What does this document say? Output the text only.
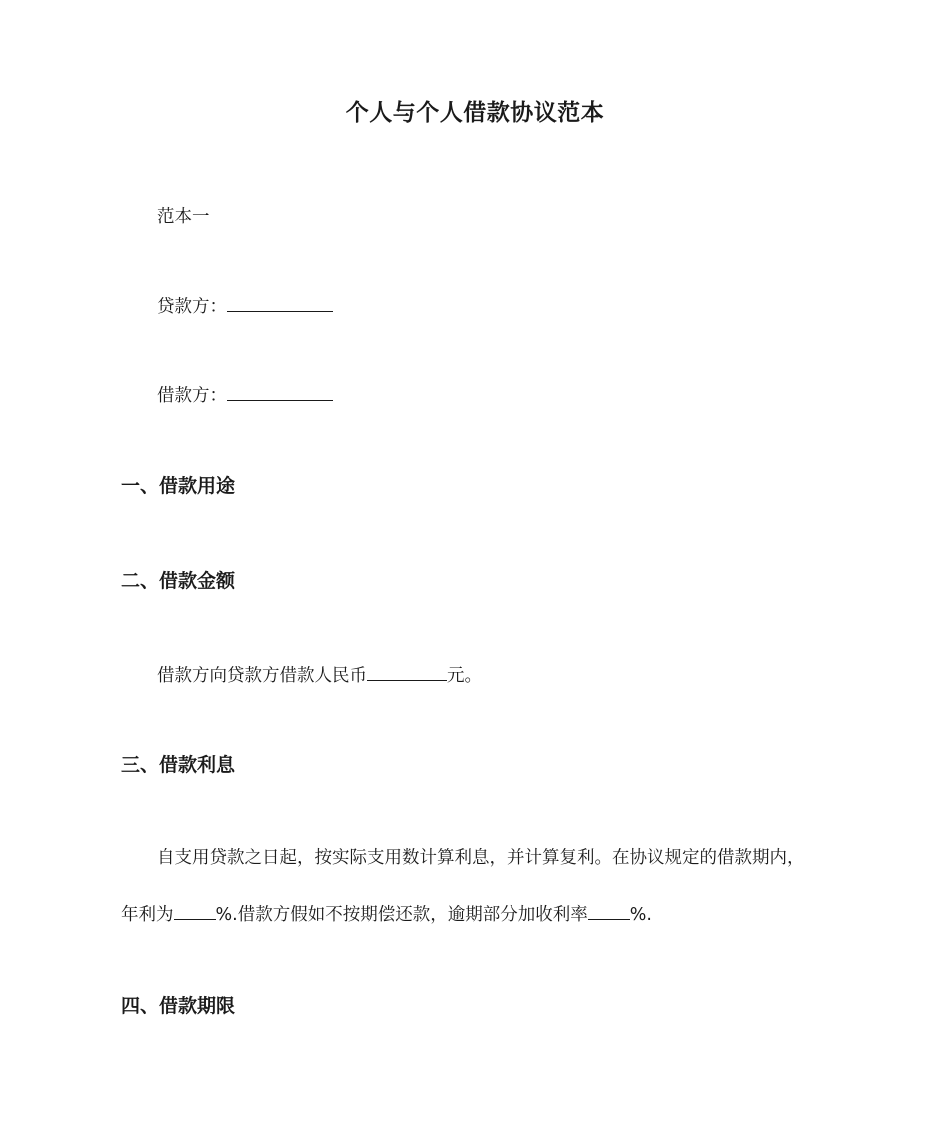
个人与个人借款协议范本
范本一
贷款方：
借款方：
一、借款用途
二、借款金额
借款方向贷款方借款人民币	元。
三、借款利息
自支用贷款之日起，按实际支用数计算利息，并计算复利。在协议规定的借款期内，
年利为 %.借款方假如不按期偿还款，逾期部分加收利率 %.
四、借款期限
